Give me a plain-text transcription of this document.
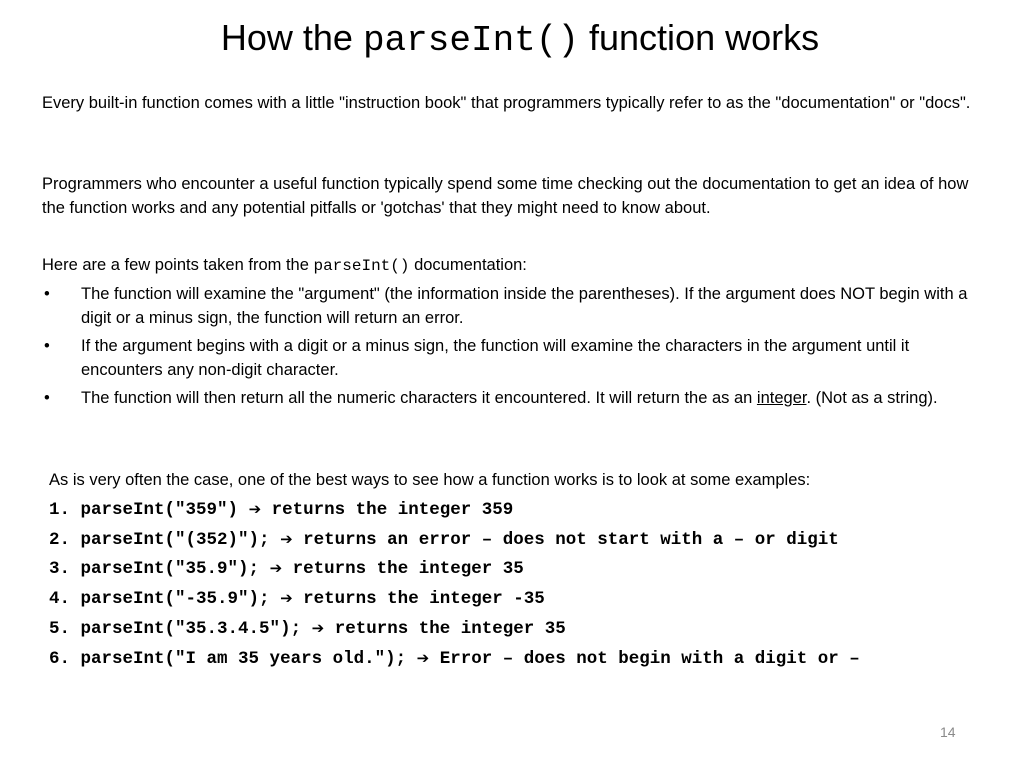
How the parseInt() function works
Every built-in function comes with a little "instruction book" that programmers typically refer to as the "documentation" or "docs".
Programmers who encounter a useful function typically spend some time checking out the documentation to get an idea of how the function works and any potential pitfalls or 'gotchas' that they might need to know about.
Here are a few points taken from the parseInt() documentation:
• The function will examine the "argument" (the information inside the parentheses). If the argument does NOT begin with a digit or a minus sign, the function will return an error.
• If the argument begins with a digit or a minus sign, the function will examine the characters in the argument until it encounters any non-digit character.
• The function will then return all the numeric characters it encountered. It will return the as an integer. (Not as a string).
As is very often the case, one of the best ways to see how a function works is to look at some examples:
1. parseInt("359") ➔ returns the integer 359
2. parseInt("(352)"); ➔ returns an error – does not start with a – or digit
3. parseInt("35.9"); ➔ returns the integer 35
4. parseInt("-35.9"); ➔ returns the integer -35
5. parseInt("35.3.4.5"); ➔ returns the integer 35
6. parseInt("I am 35 years old."); ➔ Error – does not begin with a digit or –
14
